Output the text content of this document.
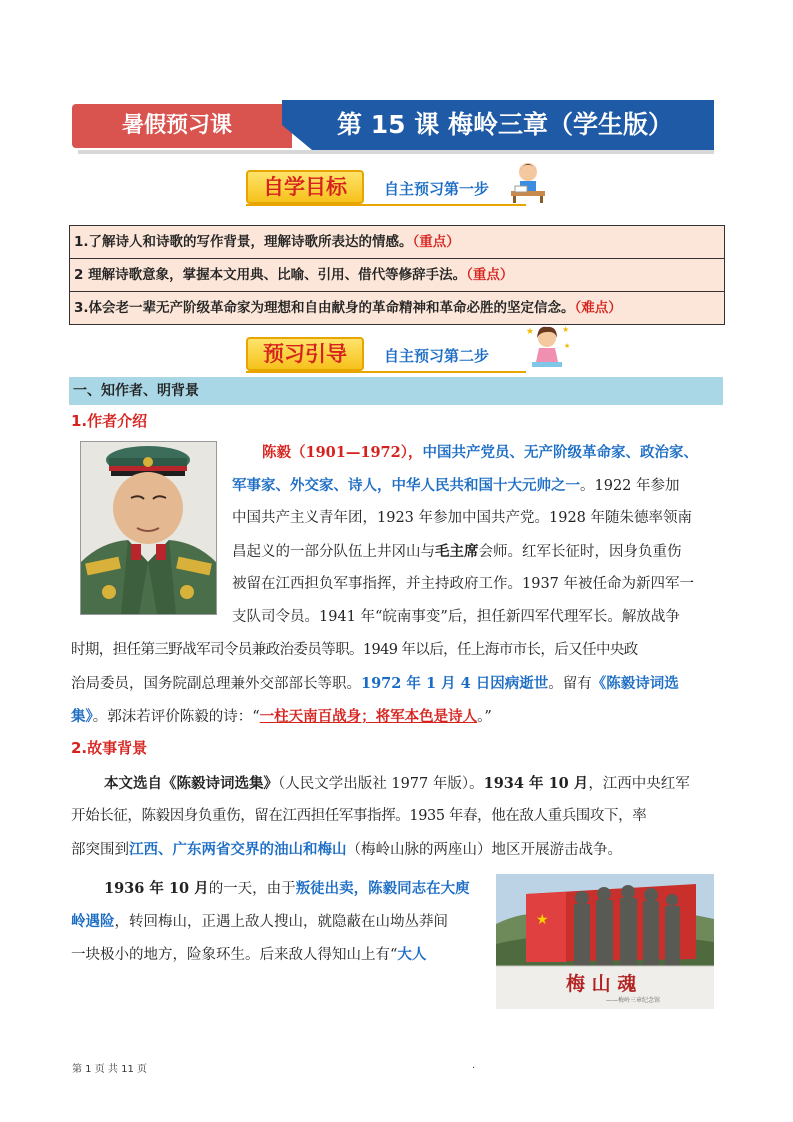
暑假预习课	第 15 课 梅岭三章（学生版）
自学目标	自主预习第一步
1.了解诗人和诗歌的写作背景，理解诗歌所表达的情感。（重点）
2 理解诗歌意象，掌握本文用典、比喻、引用、借代等修辞手法。（重点）
3.体会老一辈无产阶级革命家为理想和自由献身的革命精神和革命必胜的坚定信念。（难点）
预习引导	自主预习第二步
★	★
★
一、知作者、明背景
1.作者介绍
陈毅（1901—1972），中国共产党员、无产阶级革命家、政治家、
军事家、外交家、诗人，中华人民共和国十大元帅之一。1922 年参加
中国共产主义青年团，1923 年参加中国共产党。1928 年随朱德率领南
昌起义的一部分队伍上井冈山与毛主席会师。红军长征时，因身负重伤
被留在江西担负军事指挥，并主持政府工作。1937 年被任命为新四军一
支队司令员。1941 年“皖南事变”后，担任新四军代理军长。解放战争
时期，担任第三野战军司令员兼政治委员等职。1949 年以后，任上海市市长，后又任中央政
治局委员，国务院副总理兼外交部部长等职。1972 年 1 月 4 日因病逝世。留有《陈毅诗词选
集》。郭沫若评价陈毅的诗：“一柱天南百战身；将军本色是诗人。”
2.故事背景
本文选自《陈毅诗词选集》（人民文学出版社 1977 年版）。1934 年 10 月，江西中央红军
开始长征，陈毅因身负重伤，留在江西担任军事指挥。1935 年春，他在敌人重兵围攻下，率
部突围到江西、广东两省交界的油山和梅山（梅岭山脉的两座山）地区开展游击战争。
1936 年 10 月的一天，由于叛徒出卖，陈毅同志在大庾
岭遇险，转回梅山，正遇上敌人搜山，就隐蔽在山坳丛莽间
一块极小的地方，险象环生。后来敌人得知山上有“大人
★
梅 山 魂
——梅岭三章纪念馆
第 1 页 共 11 页	.
